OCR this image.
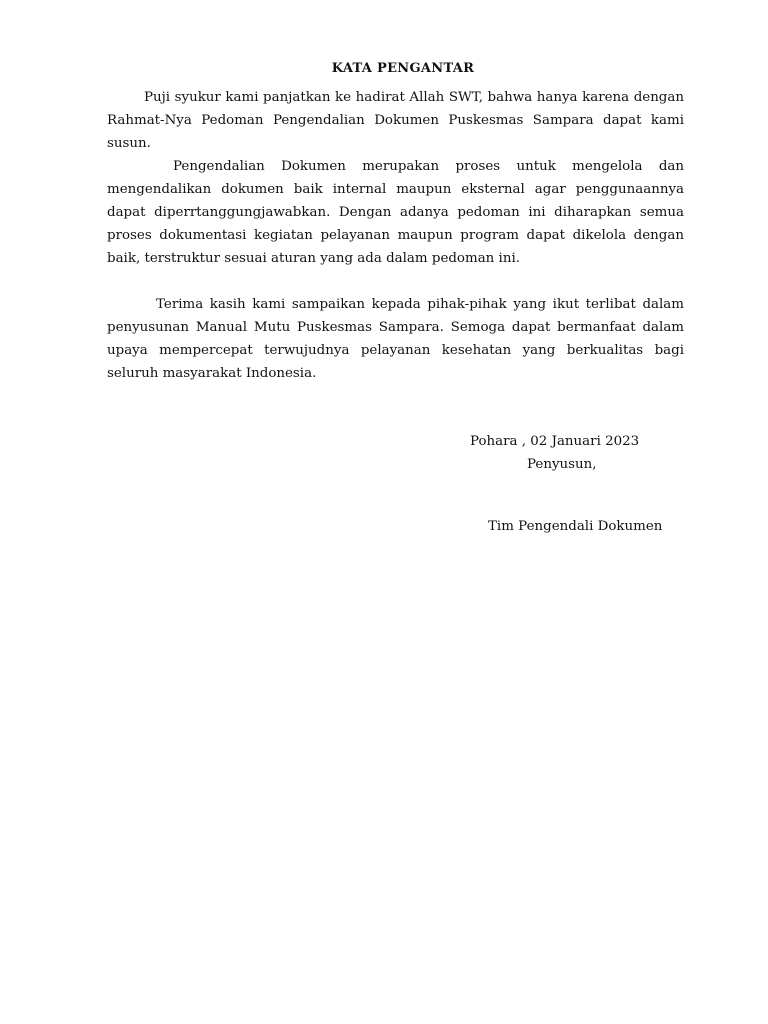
KATA PENGANTAR

Puji syukur kami panjatkan ke hadirat Allah SWT, bahwa hanya karena dengan Rahmat-Nya Pedoman Pengendalian Dokumen Puskesmas Sampara dapat kami susun.

Pengendalian Dokumen merupakan proses untuk mengelola dan mengendalikan dokumen baik internal maupun eksternal agar penggunaannya dapat diperrtanggungjawabkan. Dengan adanya pedoman ini diharapkan semua proses dokumentasi kegiatan pelayanan maupun program dapat dikelola dengan baik, terstruktur sesuai aturan yang ada dalam pedoman ini.

Terima kasih kami sampaikan kepada pihak-pihak yang ikut terlibat dalam penyusunan Manual Mutu Puskesmas Sampara. Semoga dapat bermanfaat dalam upaya mempercepat terwujudnya pelayanan kesehatan yang berkualitas bagi seluruh masyarakat Indonesia.

Pohara , 02 Januari 2023
Penyusun,
Tim Pengendali Dokumen
